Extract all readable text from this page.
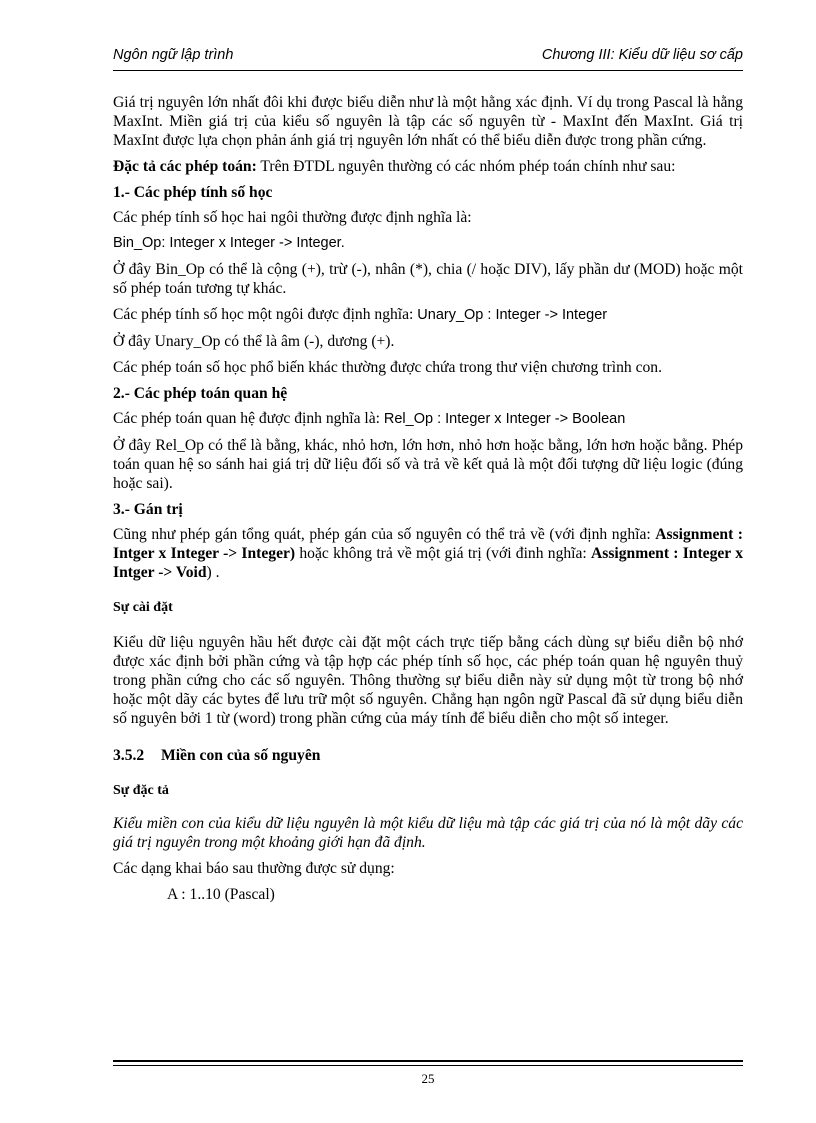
Ngôn ngữ lập trình	Chương III: Kiểu dữ liệu sơ cấp

Giá trị nguyên lớn nhất đôi khi được biểu diễn như là một hằng xác định. Ví dụ trong Pascal là hằng MaxInt. Miền giá trị của kiểu số nguyên là tập các số nguyên từ - MaxInt đến MaxInt. Giá trị MaxInt được lựa chọn phản ánh giá trị nguyên lớn nhất có thể biểu diễn được trong phần cứng.

Đặc tả các phép toán: Trên ĐTDL nguyên thường có các nhóm phép toán chính như sau:

1.- Các phép tính số học

Các phép tính số học hai ngôi thường được định nghĩa là:

Bin_Op: Integer x Integer -> Integer.

Ở đây Bin_Op có thể là cộng (+), trừ (-), nhân (*), chia (/ hoặc DIV), lấy phần dư (MOD) hoặc một số phép toán tương tự khác.

Các phép tính số học một ngôi được định nghĩa: Unary_Op : Integer -> Integer

Ở đây Unary_Op có thể là âm (-), dương (+).

Các phép toán số học phổ biến khác thường được chứa trong thư viện chương trình con.

2.- Các phép toán quan hệ

Các phép toán quan hệ được định nghĩa là: Rel_Op : Integer x Integer -> Boolean

Ở đây Rel_Op có thể là bằng, khác, nhỏ hơn, lớn hơn, nhỏ hơn hoặc bằng, lớn hơn hoặc bằng. Phép toán quan hệ so sánh hai giá trị dữ liệu đối số và trả về kết quả là một đối tượng dữ liệu logic (đúng hoặc sai).

3.- Gán trị

Cũng như phép gán tổng quát, phép gán của số nguyên có thể trả về (với định nghĩa: Assignment : Intger x Integer -> Integer) hoặc không trả về một giá trị (với đinh nghĩa: Assignment : Integer x Intger -> Void) .

Sự cài đặt

Kiểu dữ liệu nguyên hầu hết được cài đặt một cách trực tiếp bằng cách dùng sự biểu diễn bộ nhớ được xác định bởi phần cứng và tập hợp các phép tính số học, các phép toán quan hệ nguyên thuỷ trong phần cứng cho các số nguyên. Thông thường sự biểu diễn này sử dụng một từ trong bộ nhớ hoặc một dãy các bytes để lưu trữ một số nguyên. Chẳng hạn ngôn ngữ Pascal đã sử dụng biểu diễn số nguyên bởi 1 từ (word) trong phần cứng của máy tính để biểu diễn cho một số integer.

3.5.2 Miền con của số nguyên
Sự đặc tả

Kiểu miền con của kiểu dữ liệu nguyên là một kiểu dữ liệu mà tập các giá trị của nó là một dãy các giá trị nguyên trong một khoảng giới hạn đã định.

Các dạng khai báo sau thường được sử dụng:

A : 1..10 (Pascal)

25
